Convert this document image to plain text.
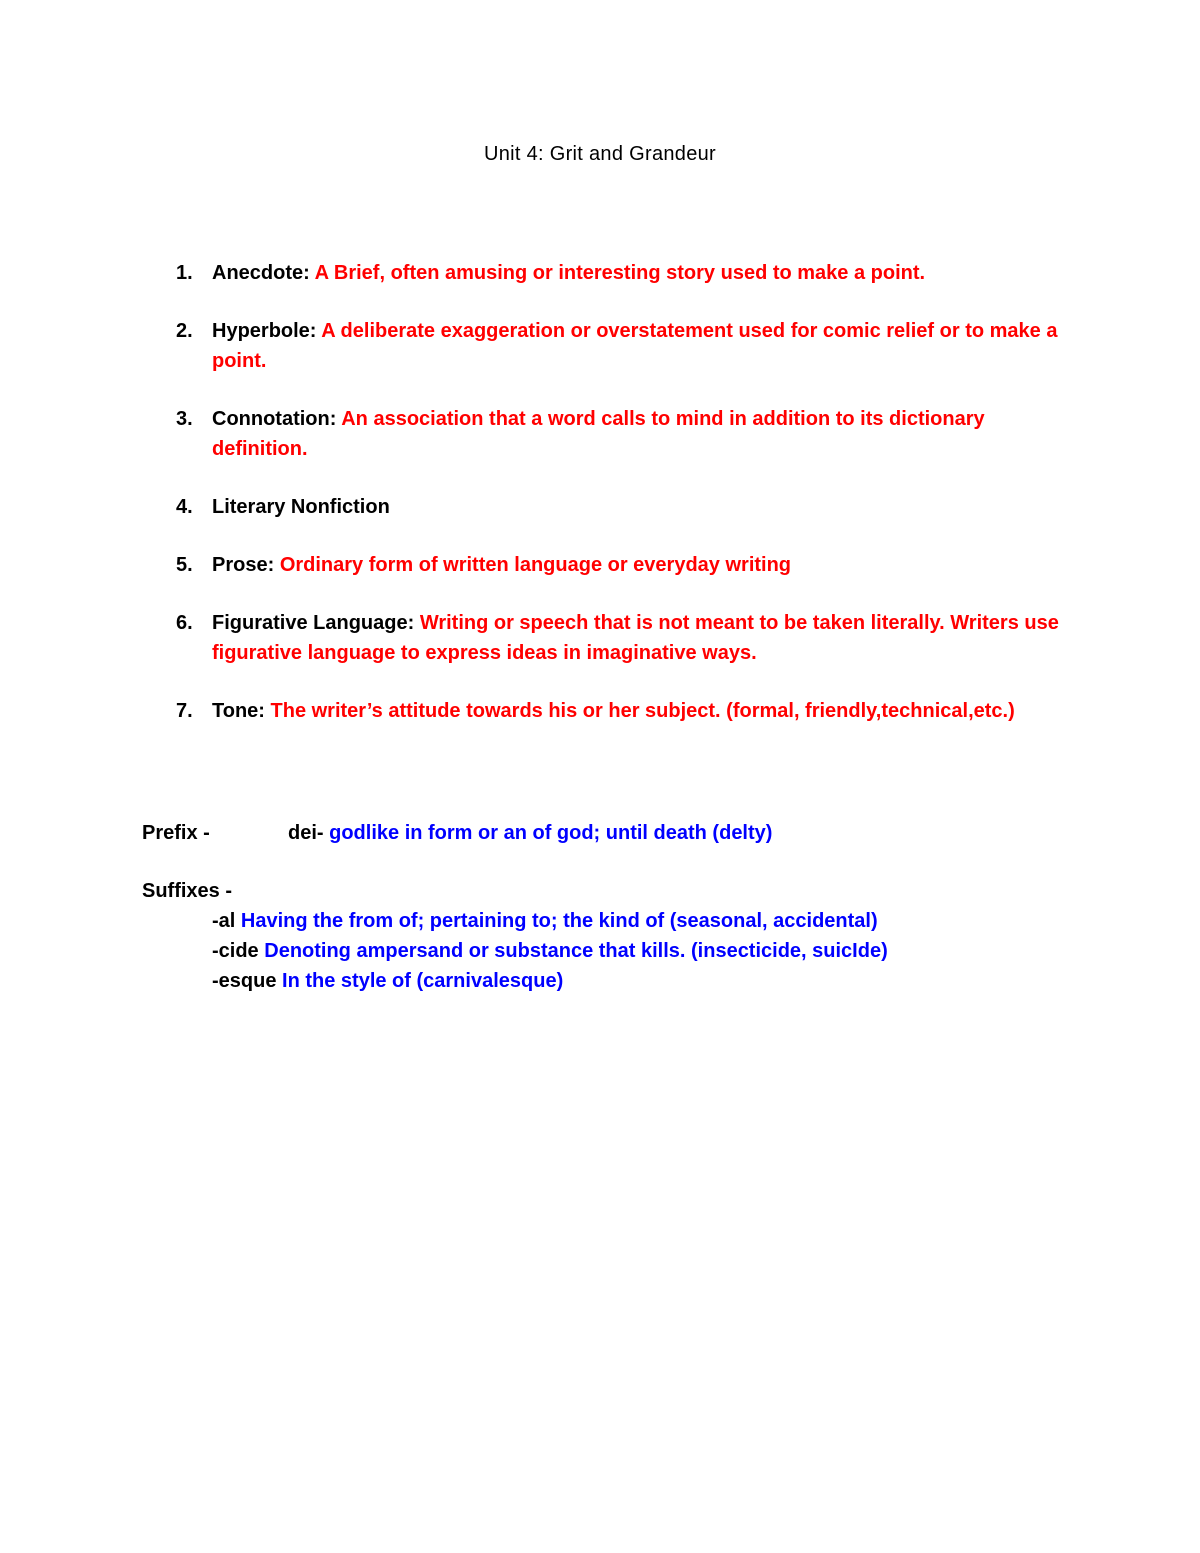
Unit 4: Grit and Grandeur
1. Anecdote: A Brief, often amusing or interesting story used to make a point.
2. Hyperbole: A deliberate exaggeration or overstatement used for comic relief or to make a point.
3. Connotation: An association that a word calls to mind in addition to its dictionary definition.
4. Literary Nonfiction
5. Prose: Ordinary form of written language or everyday writing
6. Figurative Language: Writing or speech that is not meant to be taken literally. Writers use figurative language to express ideas in imaginative ways.
7. Tone: The writer’s attitude towards his or her subject. (formal, friendly,technical,etc.)
Prefix -	dei- godlike in form or an of god; until death (delty)
Suffixes -
-al Having the from of; pertaining to; the kind of (seasonal, accidental)
-cide Denoting ampersand or substance that kills. (insecticide, suicIde)
-esque In the style of (carnivalesque)
